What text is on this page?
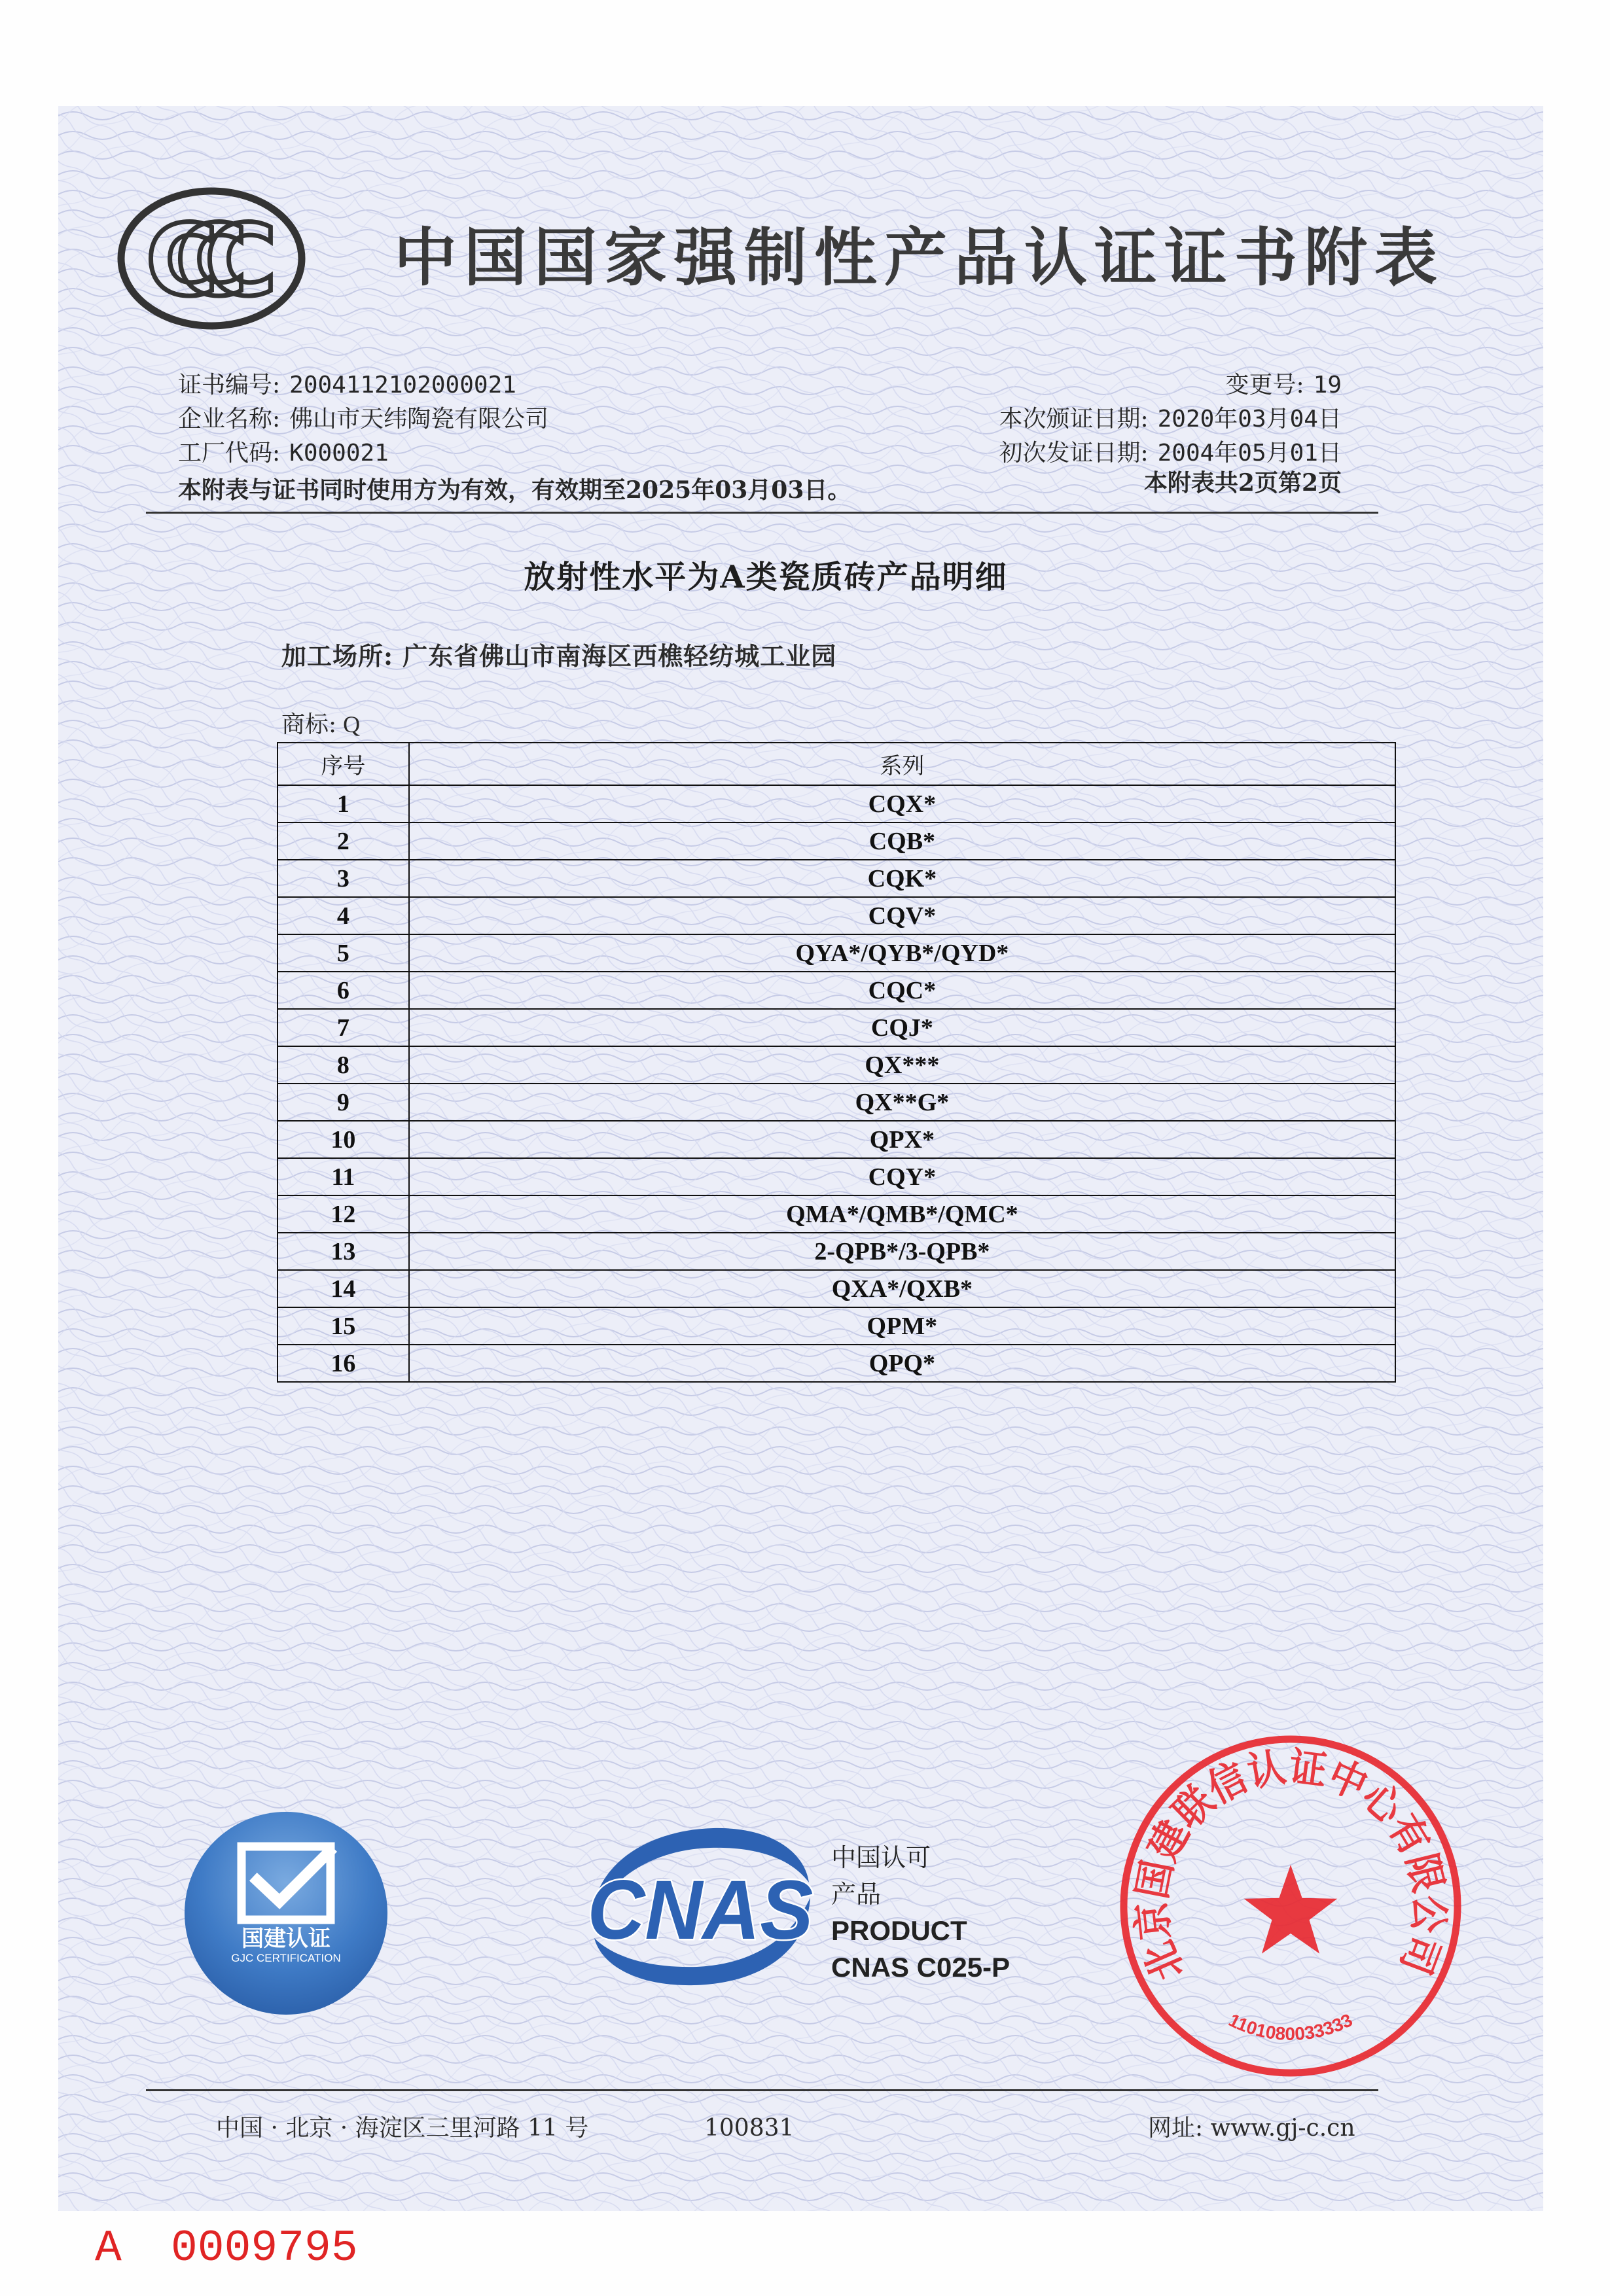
CCC 中国国家强制性产品认证证书附表
证书编号: 2004112102000021
企业名称: 佛山市天纬陶瓷有限公司
工厂代码: K000021
本附表与证书同时使用方为有效，有效期至2025年03月03日。
变更号: 19
本次颁证日期: 2020年03月04日
初次发证日期: 2004年05月01日
本附表共2页第2页
放射性水平为A类瓷质砖产品明细
加工场所: 广东省佛山市南海区西樵轻纺城工业园
商标: Q
序号	系列
1	CQX*
2	CQB*
3	CQK*
4	CQV*
5	QYA*/QYB*/QYD*
6	CQC*
7	CQJ*
8	QX***
9	QX**G*
10	QPX*
11	CQY*
12	QMA*/QMB*/QMC*
13	2-QPB*/3-QPB*
14	QXA*/QXB*
15	QPM*
16	QPQ*
国建认证
GJC CERTIFICATION
CNAS
中国认可
产品
PRODUCT
CNAS C025-P	北京国建联信认证中心有限公司
1101080033333
中国 · 北京 · 海淀区三里河路 11 号	100831	网址: www.gj-c.cn
A 0009795
